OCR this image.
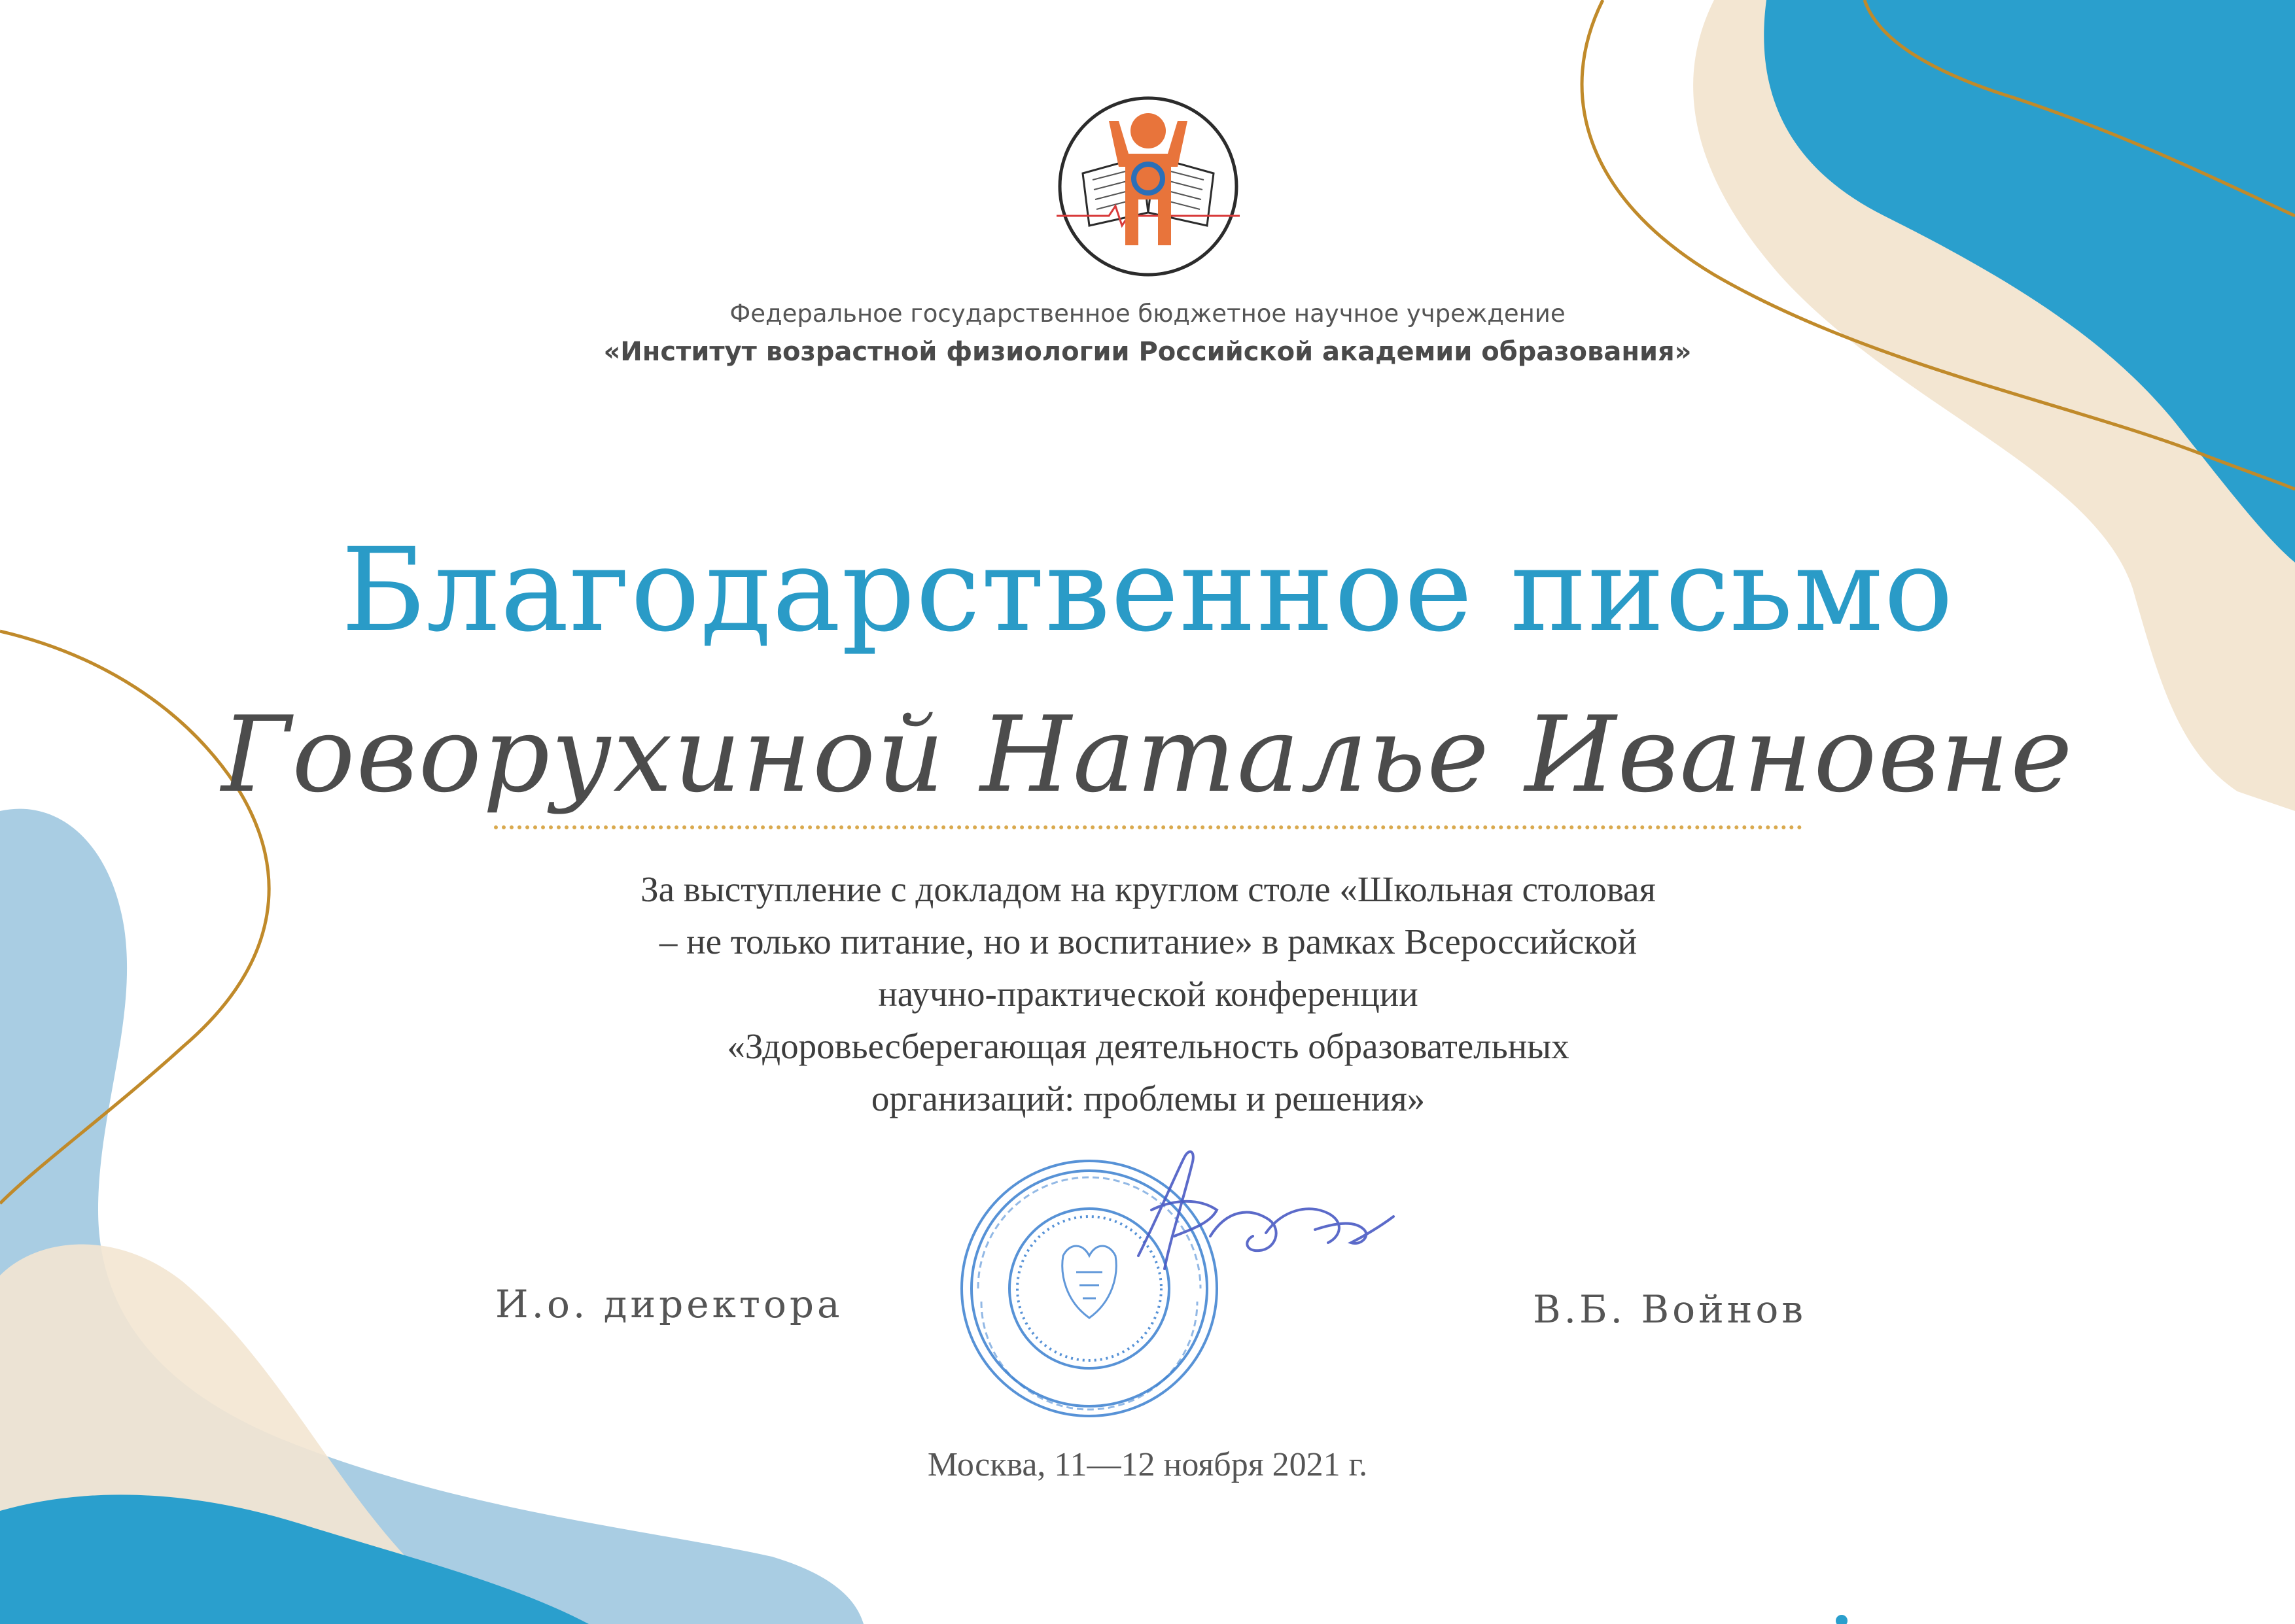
Федеральное государственное бюджетное научное учреждение
«Институт возрастной физиологии Российской академии образования»
Благодарственное письмо
Говорухиной Наталье Ивановне
За выступление с докладом на круглом столе «Школьная столовая
– не только питание, но и воспитание» в рамках Всероссийской
научно-практической конференции
«Здоровьесберегающая деятельность образовательных
организаций: проблемы и решения»
И.о. директора	В.Б. Войнов
Москва, 11—12 ноября 2021 г.
